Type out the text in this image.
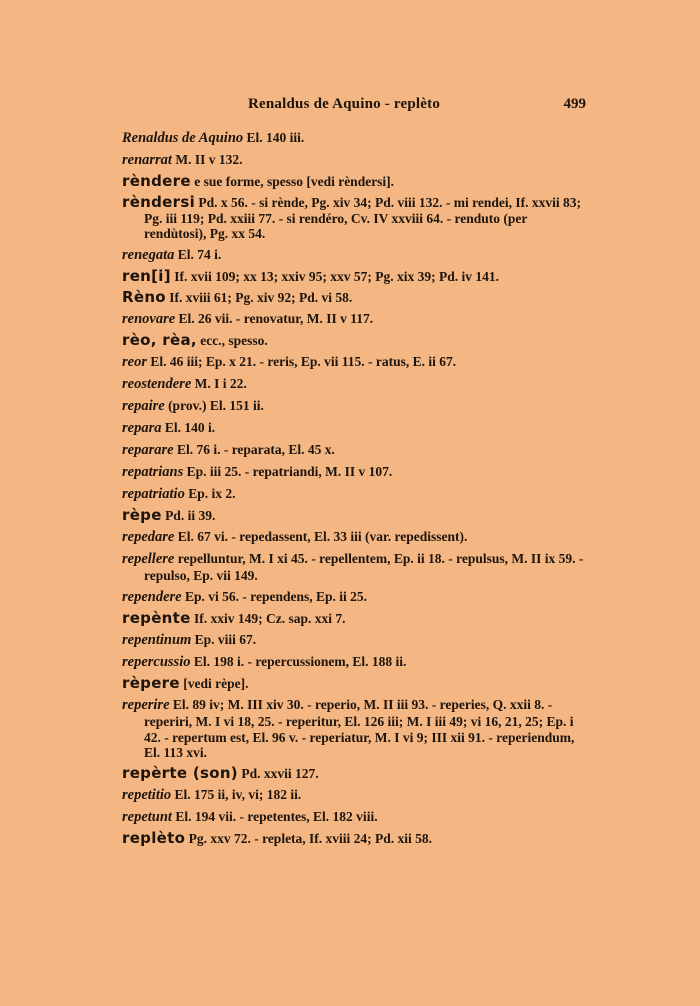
Renaldus de Aquino - replèto	499

Renaldus de Aquino El. 140 iii.

renarrat M. II v 132.

rèndere e sue forme, spesso [vedi rèndersi].

rèndersi Pd. x 56. - si rènde, Pg. xiv 34; Pd. viii 132. - mi rendei, If. xxvii 83; Pg. iii 119; Pd. xxiii 77. - si rendéro, Cv. IV xxviii 64. - renduto (per rendùtosi), Pg. xx 54.

renegata El. 74 i.

ren[i] If. xvii 109; xx 13; xxiv 95; xxv 57; Pg. xix 39; Pd. iv 141.

Rèno If. xviii 61; Pg. xiv 92; Pd. vi 58.

renovare El. 26 vii. - renovatur, M. II v 117.

rèo, rèa, ecc., spesso.

reor El. 46 iii; Ep. x 21. - reris, Ep. vii 115. - ratus, E. ii 67.

reostendere M. I i 22.

repaire (prov.) El. 151 ii.

repara El. 140 i.

reparare El. 76 i. - reparata, El. 45 x.

repatrians Ep. iii 25. - repatriandi, M. II v 107.

repatriatio Ep. ix 2.

rèpe Pd. ii 39.

repedare El. 67 vi. - repedassent, El. 33 iii (var. repedissent).

repellere repelluntur, M. I xi 45. - repellentem, Ep. ii 18. - repulsus, M. II ix 59. - repulso, Ep. vii 149.

rependere Ep. vi 56. - rependens, Ep. ii 25.

repènte If. xxiv 149; Cz. sap. xxi 7.

repentinum Ep. viii 67.

repercussio El. 198 i. - repercussionem, El. 188 ii.

rèpere [vedi rèpe].

reperire El. 89 iv; M. III xiv 30. - reperio, M. II iii 93. - reperies, Q. xxii 8. - reperiri, M. I vi 18, 25. - reperitur, El. 126 iii; M. I iii 49; vi 16, 21, 25; Ep. i 42. - repertum est, El. 96 v. - reperiatur, M. I vi 9; III xii 91. - reperiendum, El. 113 xvi.

repèrte (son) Pd. xxvii 127.

repetitio El. 175 ii, iv, vi; 182 ii.

repetunt El. 194 vii. - repetentes, El. 182 viii.

replèto Pg. xxv 72. - repleta, If. xviii 24; Pd. xii 58.
